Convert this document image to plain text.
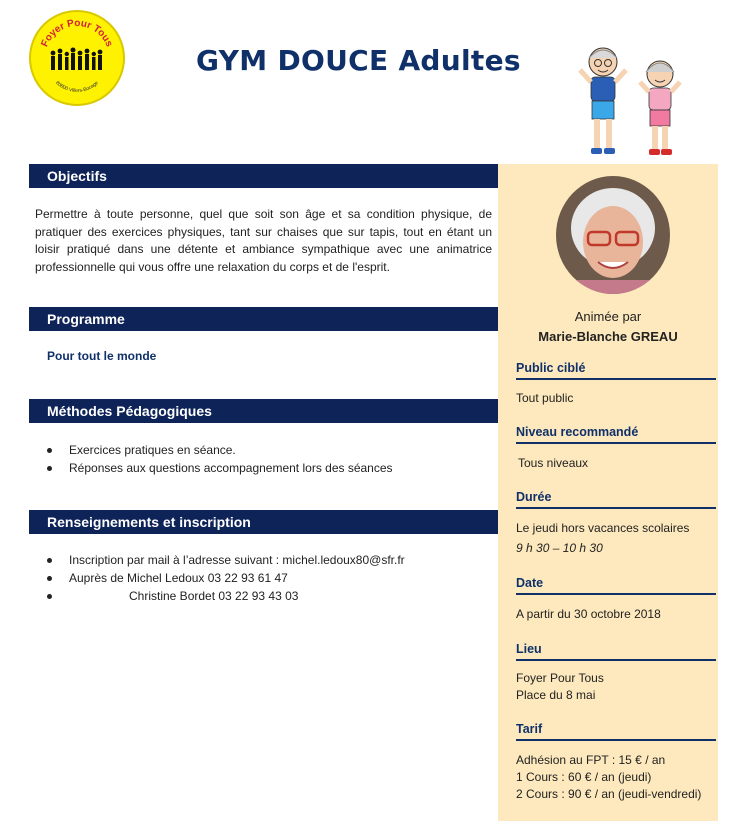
Foyer Pour Tous
80800 Villers-Bocage
GYM DOUCE Adultes
Animée par
Marie-Blanche GREAU
Public ciblé
Tout public
Niveau recommandé
Tous niveaux
Durée
Le jeudi hors vacances scolaires
9 h 30 – 10 h 30
Date
A partir du 30 octobre 2018
Lieu
Foyer Pour Tous
Place du 8 mai
Tarif
Adhésion au FPT : 15 € / an
1 Cours : 60 € / an (jeudi)
2 Cours : 90 € / an (jeudi-vendredi)
Objectifs
Permettre à toute personne, quel que soit son âge et sa condition physique, de pratiquer des exercices physiques, tant sur chaises que sur tapis, tout en étant un loisir pratiqué dans une détente et ambiance sympathique avec une animatrice professionnelle qui vous offre une relaxation du corps et de l'esprit.
Programme
Pour tout le monde
Méthodes Pédagogiques
Exercices pratiques en séance.
Réponses aux questions accompagnement lors des séances
Renseignements et inscription
Inscription par mail à l’adresse suivant : michel.ledoux80@sfr.fr
Auprès de Michel Ledoux 03 22 93 61 47
Christine Bordet 03 22 93 43 03
